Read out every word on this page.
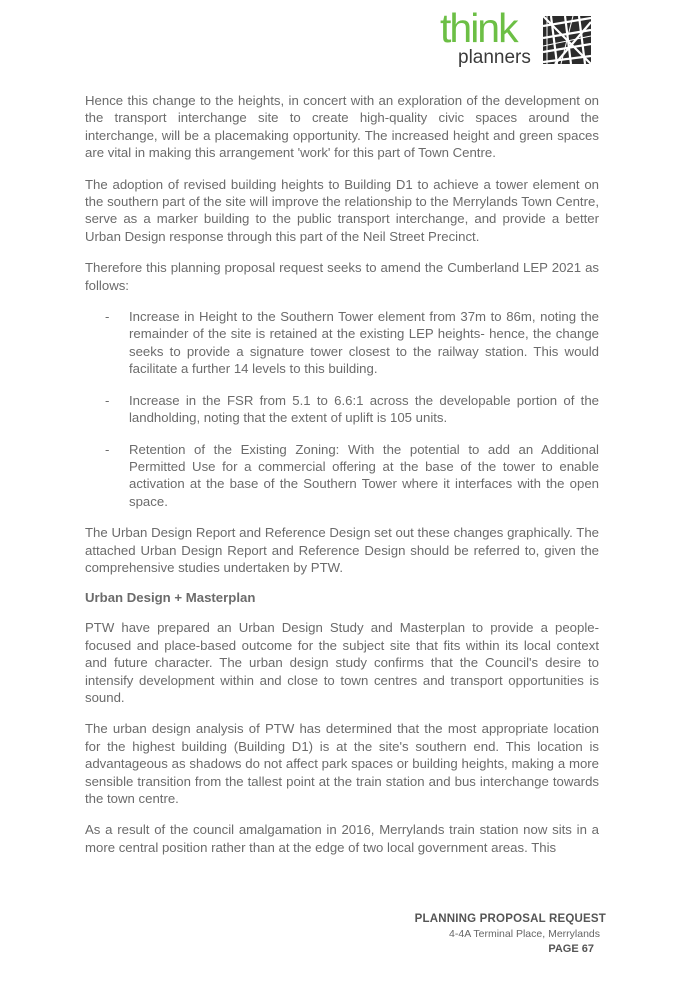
think
planners

Hence this change to the heights, in concert with an exploration of the development on the transport interchange site to create high-quality civic spaces around the interchange, will be a placemaking opportunity. The increased height and green spaces are vital in making this arrangement 'work' for this part of Town Centre.

The adoption of revised building heights to Building D1 to achieve a tower element on the southern part of the site will improve the relationship to the Merrylands Town Centre, serve as a marker building to the public transport interchange, and provide a better Urban Design response through this part of the Neil Street Precinct.

Therefore this planning proposal request seeks to amend the Cumberland LEP 2021 as follows:

- Increase in Height to the Southern Tower element from 37m to 86m, noting the remainder of the site is retained at the existing LEP heights- hence, the change seeks to provide a signature tower closest to the railway station. This would facilitate a further 14 levels to this building.
- Increase in the FSR from 5.1 to 6.6:1 across the developable portion of the landholding, noting that the extent of uplift is 105 units.
- Retention of the Existing Zoning: With the potential to add an Additional Permitted Use for a commercial offering at the base of the tower to enable activation at the base of the Southern Tower where it interfaces with the open space.

The Urban Design Report and Reference Design set out these changes graphically. The attached Urban Design Report and Reference Design should be referred to, given the comprehensive studies undertaken by PTW.

Urban Design + Masterplan

PTW have prepared an Urban Design Study and Masterplan to provide a people-focused and place-based outcome for the subject site that fits within its local context and future character. The urban design study confirms that the Council's desire to intensify development within and close to town centres and transport opportunities is sound.

The urban design analysis of PTW has determined that the most appropriate location for the highest building (Building D1) is at the site's southern end. This location is advantageous as shadows do not affect park spaces or building heights, making a more sensible transition from the tallest point at the train station and bus interchange towards the town centre.

As a result of the council amalgamation in 2016, Merrylands train station now sits in a more central position rather than at the edge of two local government areas. This

PLANNING PROPOSAL REQUEST
4-4A Terminal Place, Merrylands
PAGE 67
